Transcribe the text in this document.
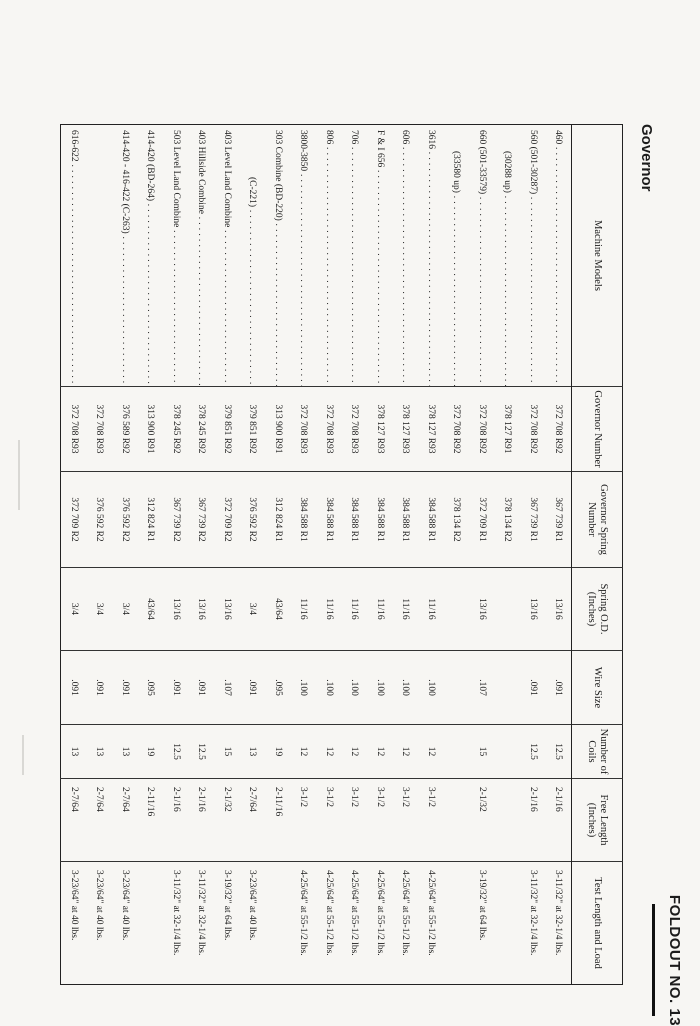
Governor
Machine Models	Governor Number	Governor Spring Number	Spring O.D. (Inches)	Wire Size	Number of Coils	Free Length (Inches)	Test Length and Load
460 . . .	372 708 R92	367 739 R1	13/16	.091	12.5	2-1/16	3-11/32" at 32-1/4 lbs.
560 (501-30287) . . .	372 708 R92	367 739 R1	13/16	.091	12.5	2-1/16	3-11/32" at 32-1/4 lbs.
(30288 up) . . .	378 127 R91	378 134 R2					
660 (501-33579) . . .	372 708 R92	372 709 R1	13/16	.107	15	2-1/32	3-19/32" at 64 lbs.
(33580 up) . . .	372 708 R92	378 134 R2					
3616 . . .	378 127 R93	384 588 R1	11/16	.100	12	3-1/2	4-25/64" at 55-1/2 lbs.
606 . . .	378 127 R93	384 588 R1	11/16	.100	12	3-1/2	4-25/64" at 55-1/2 lbs.
F & I 656 . . .	378 127 R93	384 588 R1	11/16	.100	12	3-1/2	4-25/64" at 55-1/2 lbs.
706 . . .	372 708 R93	384 588 R1	11/16	.100	12	3-1/2	4-25/64" at 55-1/2 lbs.
806 . . .	372 708 R93	384 588 R1	11/16	.100	12	3-1/2	4-25/64" at 55-1/2 lbs.
3800-3850 . . .	372 708 R93	384 588 R1	11/16	.100	12	3-1/2	4-25/64" at 55-1/2 lbs.
303 Combine (BD-220) . . .	313 900 R91	312 824 R1	43/64	.095	19	2-11/16	
(C-221) . . .	379 851 R92	376 592 R2	3/4	.091	13	2-7/64	3-23/64" at 40 lbs.
403 Level Land Combine . . .	379 851 R92	372 709 R2	13/16	.107	15	2-1/32	3-19/32" at 64 lbs.
403 Hillside Combine . . .	378 245 R92	367 739 R2	13/16	.091	12.5	2-1/16	3-11/32" at 32-1/4 lbs.
503 Level Land Combine . . .	378 245 R92	367 739 R2	13/16	.091	12.5	2-1/16	3-11/32" at 32-1/4 lbs.
414-420 (BD-264) . . .	313 900 R91	312 824 R1	43/64	.095	19	2-11/16	
414-420 - 416-422 (C-263) . . .	376 589 R92	376 592 R2	3/4	.091	13	2-7/64	3-23/64" at 40 lbs.
	372 708 R93	376 592 R2	3/4	.091	13	2-7/64	3-23/64" at 40 lbs.
616-622 . . .	372 708 R93	372 709 R2	3/4	.091	13	2-7/64	3-23/64" at 40 lbs.	FOLDOUT NO. 13
